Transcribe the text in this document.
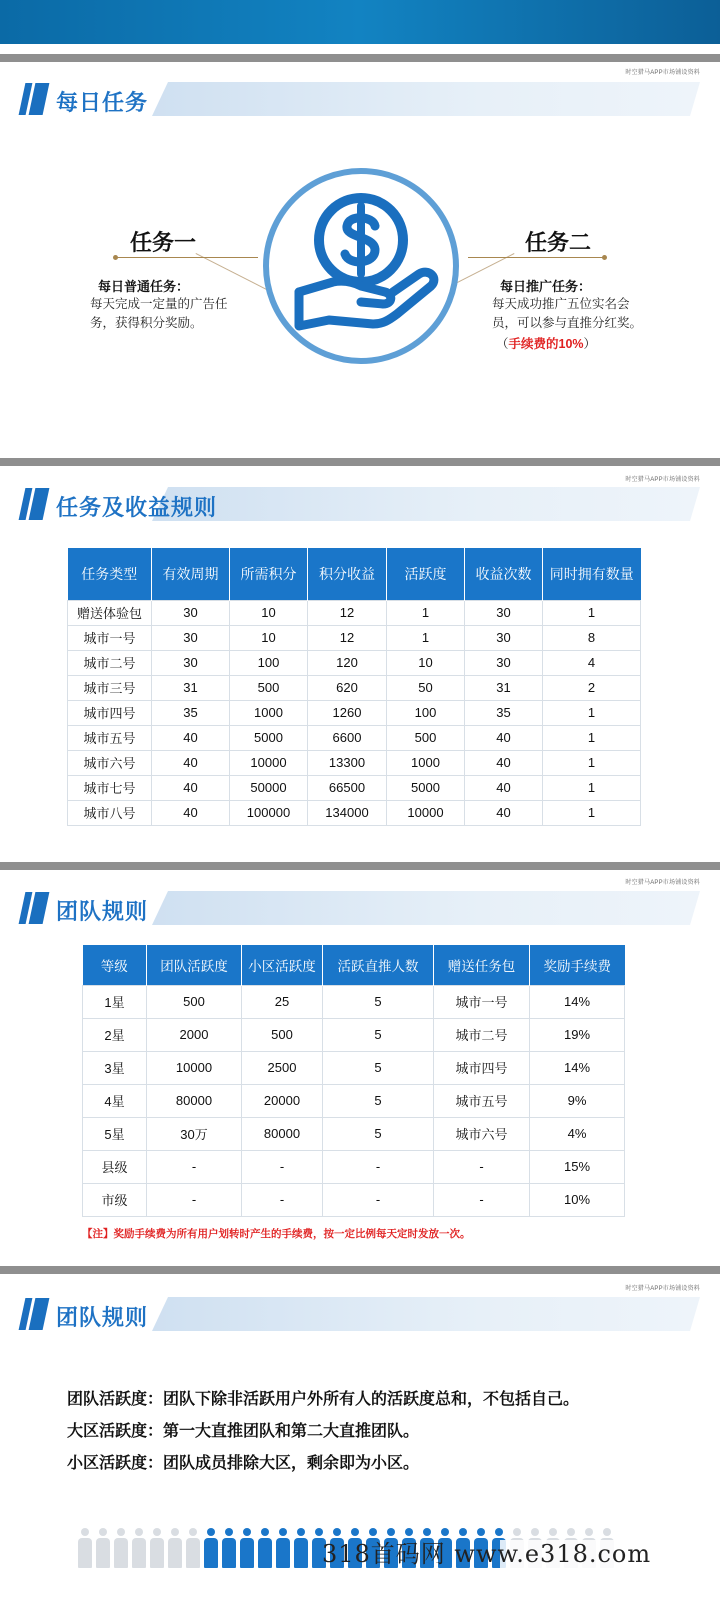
时空猎马APP市场铺设资料
每日任务
任务一
每日普通任务：
每天完成一定量的广告任
务，获得积分奖励。
任务二
每日推广任务：
每天成功推广五位实名会
员，可以参与直推分红奖。
（手续费的10%）
时空猎马APP市场铺设资料
任务及收益规则
任务类型	有效周期	所需积分	积分收益	活跃度	收益次数	同时拥有数量
赠送体验包	30	10	12	1	30	1
城市一号	30	10	12	1	30	8
城市二号	30	100	120	10	30	4
城市三号	31	500	620	50	31	2
城市四号	35	1000	1260	100	35	1
城市五号	40	5000	6600	500	40	1
城市六号	40	10000	13300	1000	40	1
城市七号	40	50000	66500	5000	40	1
城市八号	40	100000	134000	10000	40	1
时空猎马APP市场铺设资料
团队规则
等级	团队活跃度	小区活跃度	活跃直推人数	赠送任务包	奖励手续费
1星	500	25	5	城市一号	14%
2星	2000	500	5	城市二号	19%
3星	10000	2500	5	城市四号	14%
4星	80000	20000	5	城市五号	9%
5星	30万	80000	5	城市六号	4%
县级	-	-	-	-	15%
市级	-	-	-	-	10%
【注】奖励手续费为所有用户划转时产生的手续费，按一定比例每天定时发放一次。
时空猎马APP市场铺设资料
团队规则
团队活跃度：团队下除非活跃用户外所有人的活跃度总和，不包括自己。
大区活跃度：第一大直推团队和第二大直推团队。
小区活跃度：团队成员排除大区，剩余即为小区。
318首码网 www.e318.com
